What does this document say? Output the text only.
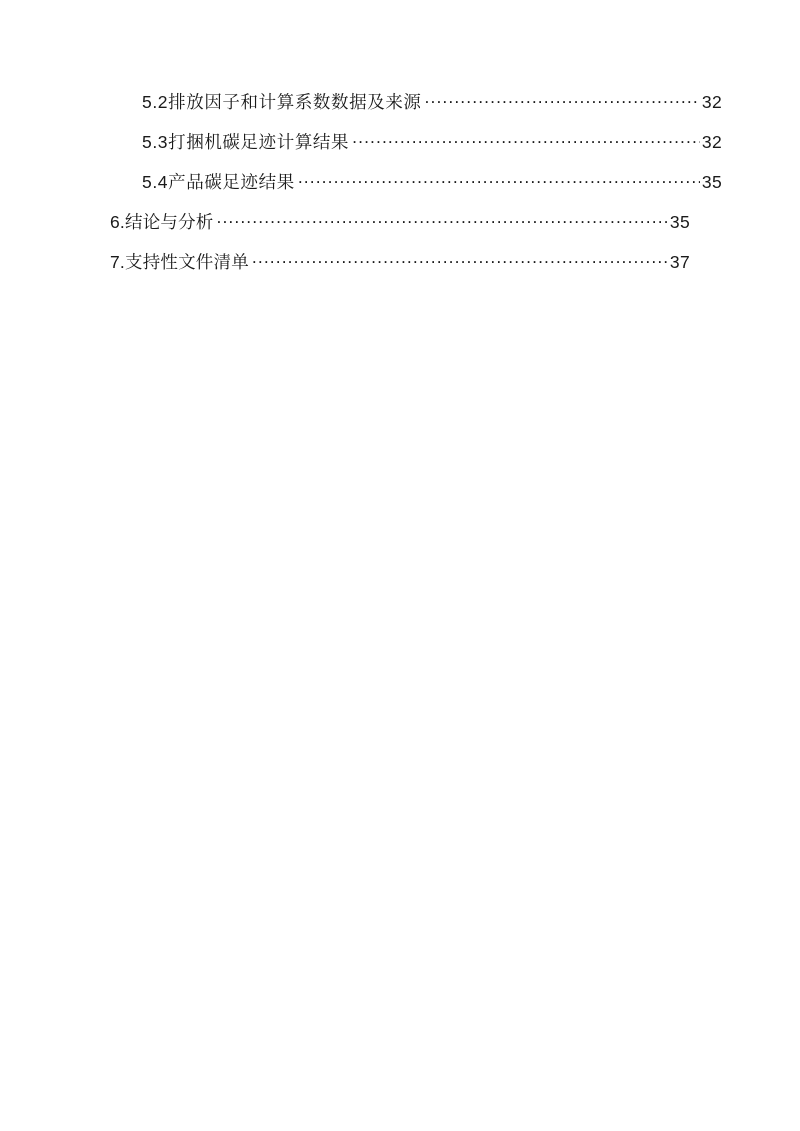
5.2排放因子和计算系数数据及来源 .....	32
5.3打捆机碳足迹计算结果 .....	32
5.4产品碳足迹结果 .....	35
6.结论与分析 .....	35
7.支持性文件清单 .....	37
